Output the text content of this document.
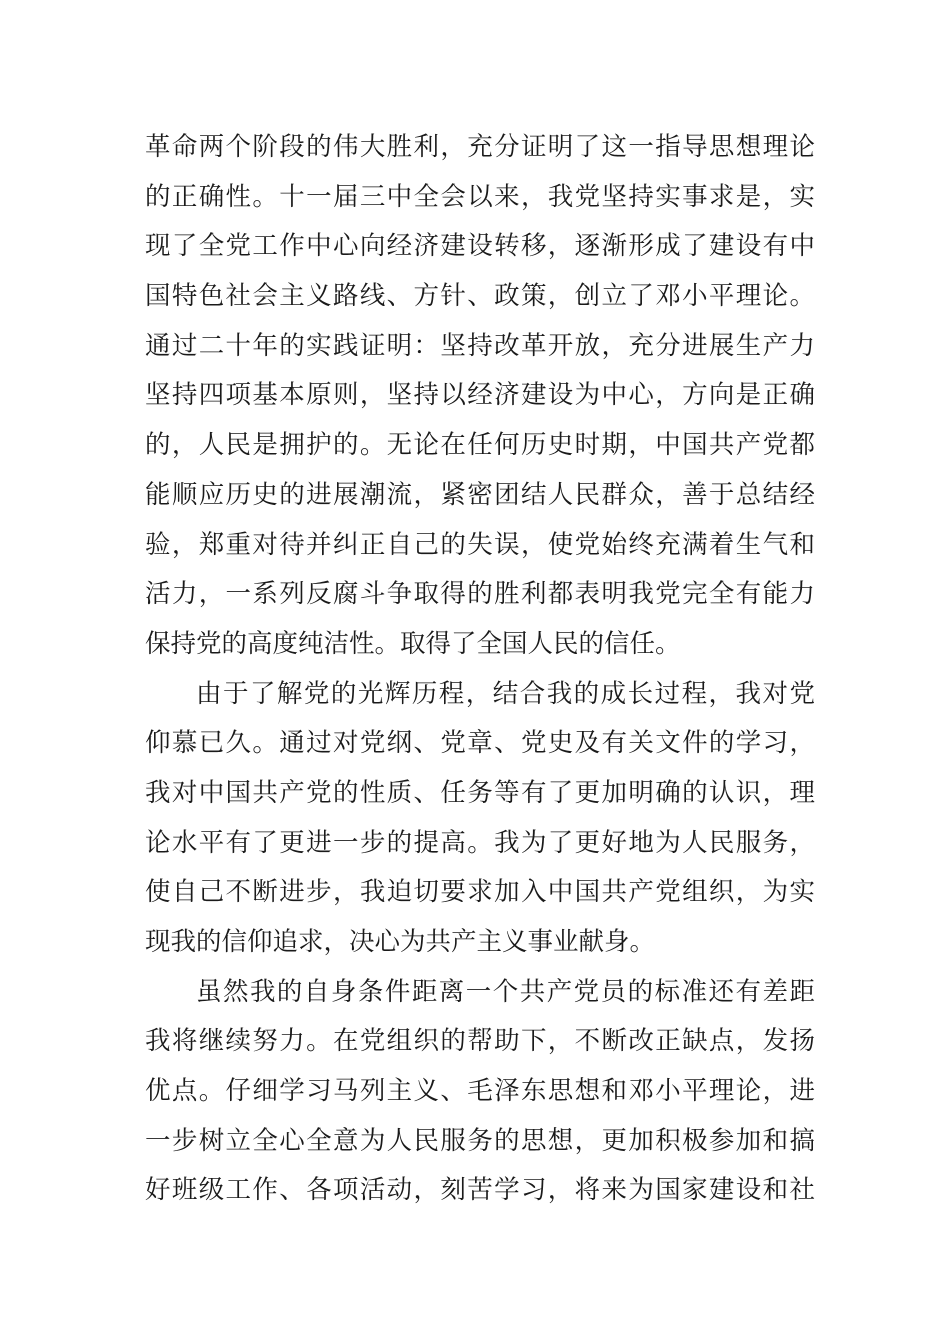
革命两个阶段的伟大胜利，充分证明了这一指导思想理论
的正确性。十一届三中全会以来，我党坚持实事求是，实
现了全党工作中心向经济建设转移，逐渐形成了建设有中
国特色社会主义路线、方针、政策，创立了邓小平理论。
通过二十年的实践证明：坚持改革开放，充分进展生产力
坚持四项基本原则，坚持以经济建设为中心，方向是正确
的，人民是拥护的。无论在任何历史时期，中国共产党都
能顺应历史的进展潮流，紧密团结人民群众，善于总结经
验，郑重对待并纠正自己的失误，使党始终充满着生气和
活力，一系列反腐斗争取得的胜利都表明我党完全有能力
保持党的高度纯洁性。取得了全国人民的信任。
由于了解党的光辉历程，结合我的成长过程，我对党
仰慕已久。通过对党纲、党章、党史及有关文件的学习，
我对中国共产党的性质、任务等有了更加明确的认识，理
论水平有了更进一步的提高。我为了更好地为人民服务，
使自己不断进步，我迫切要求加入中国共产党组织，为实
现我的信仰追求，决心为共产主义事业献身。
虽然我的自身条件距离一个共产党员的标准还有差距
我将继续努力。在党组织的帮助下，不断改正缺点，发扬
优点。仔细学习马列主义、毛泽东思想和邓小平理论，进
一步树立全心全意为人民服务的思想，更加积极参加和搞
好班级工作、各项活动，刻苦学习，将来为国家建设和社
